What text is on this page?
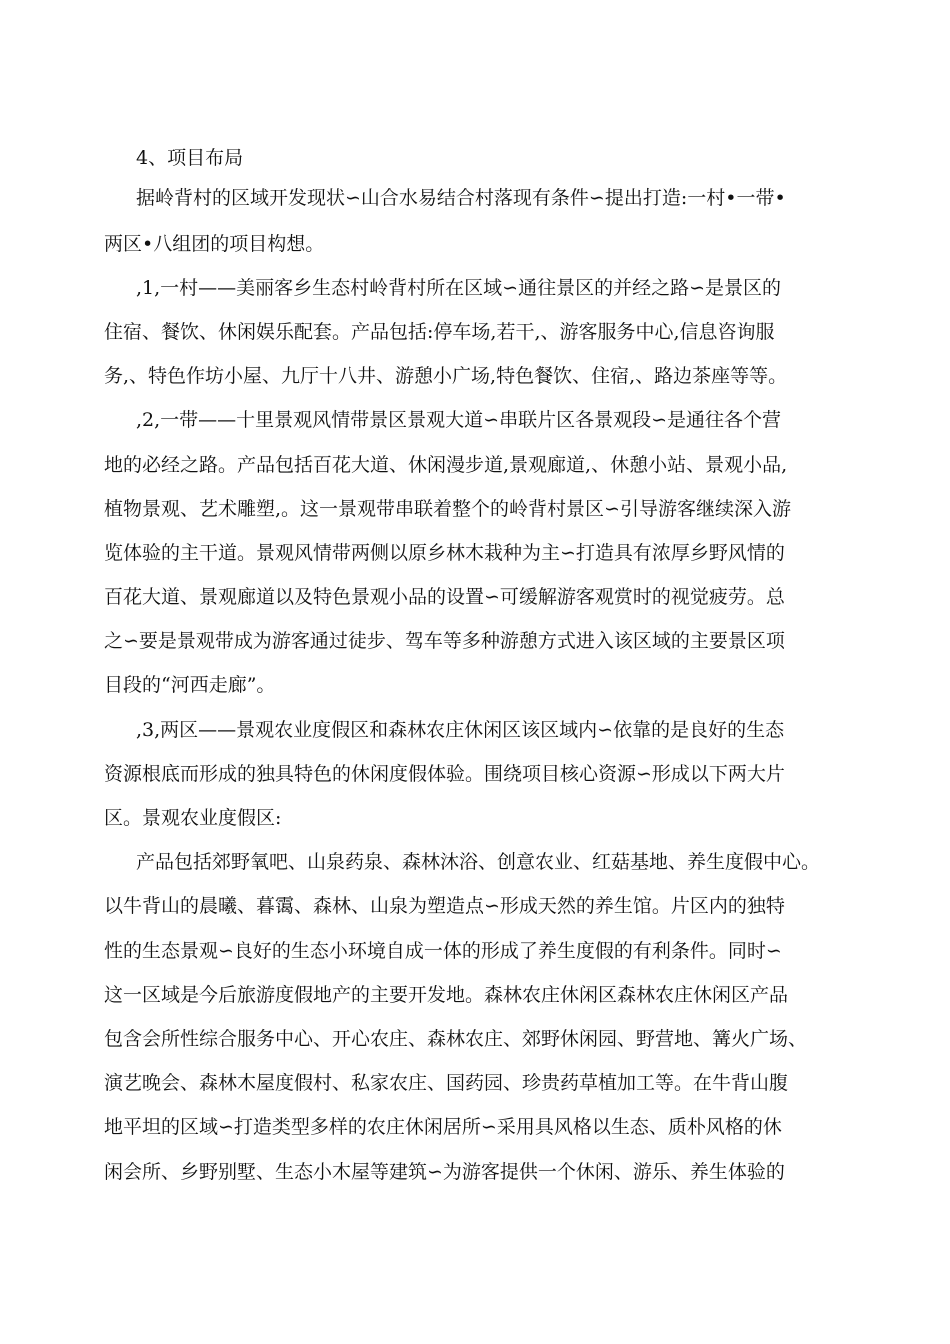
4、项目布局
据岭背村的区域开发现状∽山合水易结合村落现有条件∽提出打造:一村•一带•
两区•八组团的项目构想。
,1,一村——美丽客乡生态村岭背村所在区域∽通往景区的并经之路∽是景区的
住宿、餐饮、休闲娱乐配套。产品包括:停车场,若干,、游客服务中心,信息咨询服
务,、特色作坊小屋、九厅十八井、游憩小广场,特色餐饮、住宿,、路边茶座等等。
,2,一带——十里景观风情带景区景观大道∽串联片区各景观段∽是通往各个营
地的必经之路。产品包括百花大道、休闲漫步道,景观廊道,、休憩小站、景观小品,
植物景观、艺术雕塑,。这一景观带串联着整个的岭背村景区∽引导游客继续深入游
览体验的主干道。景观风情带两侧以原乡林木栽种为主∽打造具有浓厚乡野风情的
百花大道、景观廊道以及特色景观小品的设置∽可缓解游客观赏时的视觉疲劳。总
之∽要是景观带成为游客通过徒步、驾车等多种游憩方式进入该区域的主要景区项
目段的“河西走廊”。
,3,两区——景观农业度假区和森林农庄休闲区该区域内∽依靠的是良好的生态
资源根底而形成的独具特色的休闲度假体验。围绕项目核心资源∽形成以下两大片
区。景观农业度假区:
产品包括郊野氧吧、山泉药泉、森林沐浴、创意农业、红菇基地、养生度假中心。
以牛背山的晨曦、暮霭、森林、山泉为塑造点∽形成天然的养生馆。片区内的独特
性的生态景观∽良好的生态小环境自成一体的形成了养生度假的有利条件。同时∽
这一区域是今后旅游度假地产的主要开发地。森林农庄休闲区森林农庄休闲区产品
包含会所性综合服务中心、开心农庄、森林农庄、郊野休闲园、野营地、篝火广场、
演艺晚会、森林木屋度假村、私家农庄、国药园、珍贵药草植加工等。在牛背山腹
地平坦的区域∽打造类型多样的农庄休闲居所∽采用具风格以生态、质朴风格的休
闲会所、乡野别墅、生态小木屋等建筑∽为游客提供一个休闲、游乐、养生体验的
